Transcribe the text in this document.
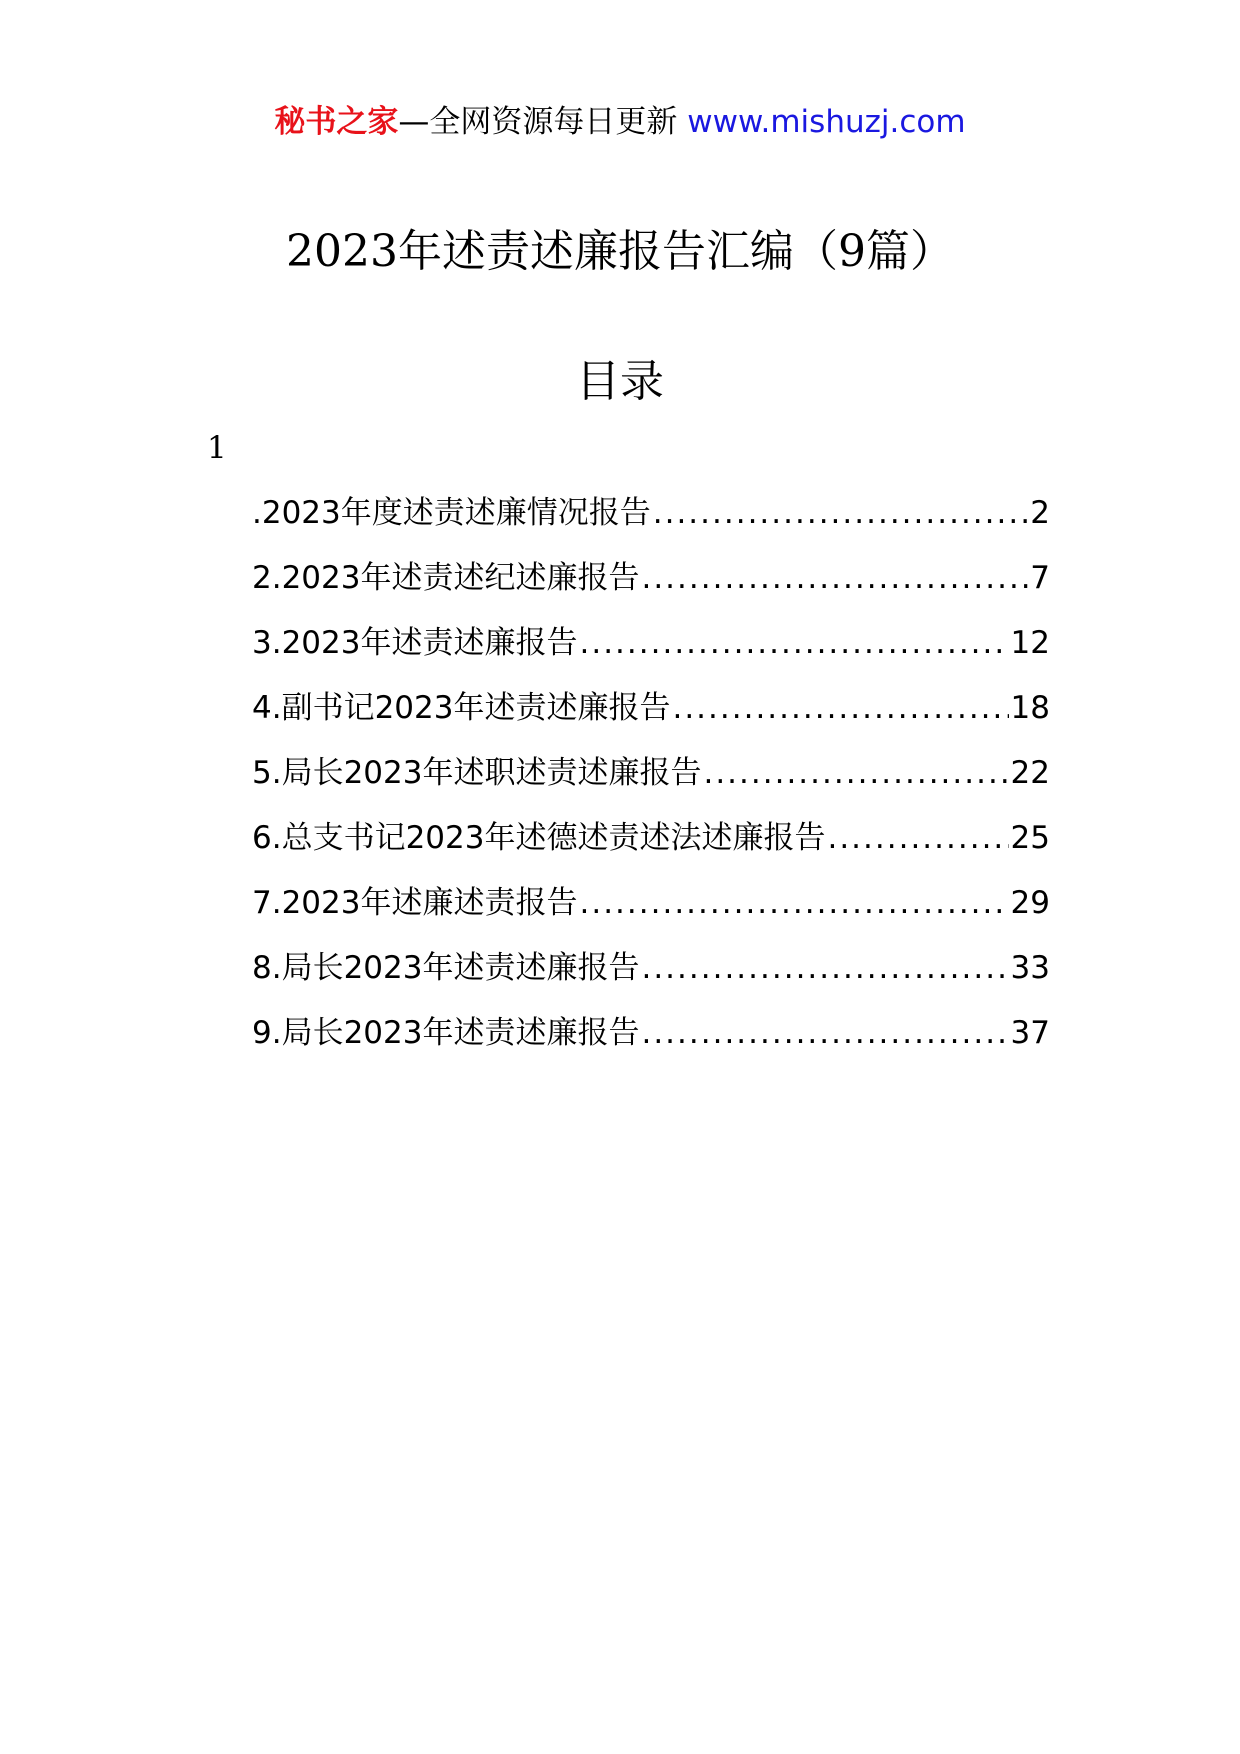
秘书之家—全网资源每日更新 www.mishuzj.com
2023年述责述廉报告汇编（9篇）
目录
1
.2023年度述责述廉情况报告 .....	2
2.2023年述责述纪述廉报告 .....	7
3.2023年述责述廉报告 .....	12
4.副书记2023年述责述廉报告 .....	18
5.局长2023年述职述责述廉报告 .....	22
6.总支书记2023年述德述责述法述廉报告 .....	25
7.2023年述廉述责报告 .....	29
8.局长2023年述责述廉报告 .....	33
9.局长2023年述责述廉报告 .....	37
